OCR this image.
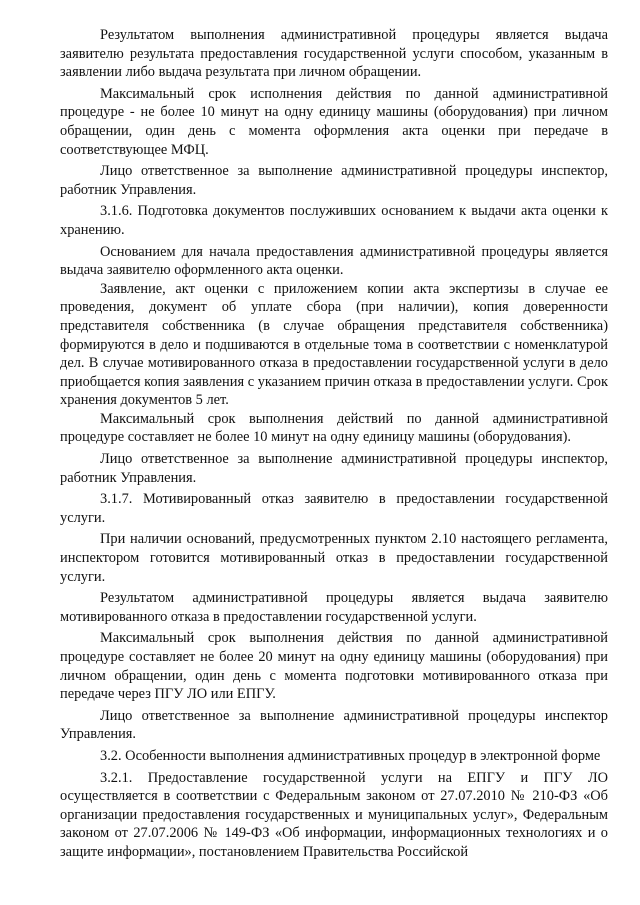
Результатом выполнения административной процедуры является выдача заявителю результата предоставления государственной услуги способом, указанным в заявлении либо выдача результата при личном обращении.

Максимальный срок исполнения действия по данной административной процедуре - не более 10 минут на одну единицу машины (оборудования) при личном обращении, один день с момента оформления акта оценки при передаче в соответствующее МФЦ.

Лицо ответственное за выполнение административной процедуры инспектор, работник Управления.

3.1.6. Подготовка документов послуживших основанием к выдачи акта оценки к хранению.

Основанием для начала предоставления административной процедуры является выдача заявителю оформленного акта оценки.

Заявление, акт оценки с приложением копии акта экспертизы в случае ее проведения, документ об уплате сбора (при наличии), копия доверенности представителя собственника (в случае обращения представителя собственника) формируются в дело и подшиваются в отдельные тома в соответствии с номенклатурой дел. В случае мотивированного отказа в предоставлении государственной услуги в дело приобщается копия заявления с указанием причин отказа в предоставлении услуги. Срок хранения документов 5 лет.

Максимальный срок выполнения действий по данной административной процедуре составляет не более 10 минут на одну единицу машины (оборудования).

Лицо ответственное за выполнение административной процедуры инспектор, работник Управления.

3.1.7. Мотивированный отказ заявителю в предоставлении государственной услуги.

При наличии оснований, предусмотренных пунктом 2.10 настоящего регламента, инспектором готовится мотивированный отказ в предоставлении государственной услуги.

Результатом административной процедуры является выдача заявителю мотивированного отказа в предоставлении государственной услуги.

Максимальный срок выполнения действия по данной административной процедуре составляет не более 20 минут на одну единицу машины (оборудования) при личном обращении, один день с момента подготовки мотивированного отказа при передаче через ПГУ ЛО или ЕПГУ.

Лицо ответственное за выполнение административной процедуры инспектор Управления.

3.2. Особенности выполнения административных процедур в электронной форме

3.2.1. Предоставление государственной услуги на ЕПГУ и ПГУ ЛО осуществляется в соответствии с Федеральным законом от 27.07.2010 № 210-ФЗ «Об организации предоставления государственных и муниципальных услуг», Федеральным законом от 27.07.2006 № 149-ФЗ «Об информации, информационных технологиях и о защите информации», постановлением Правительства Российской
